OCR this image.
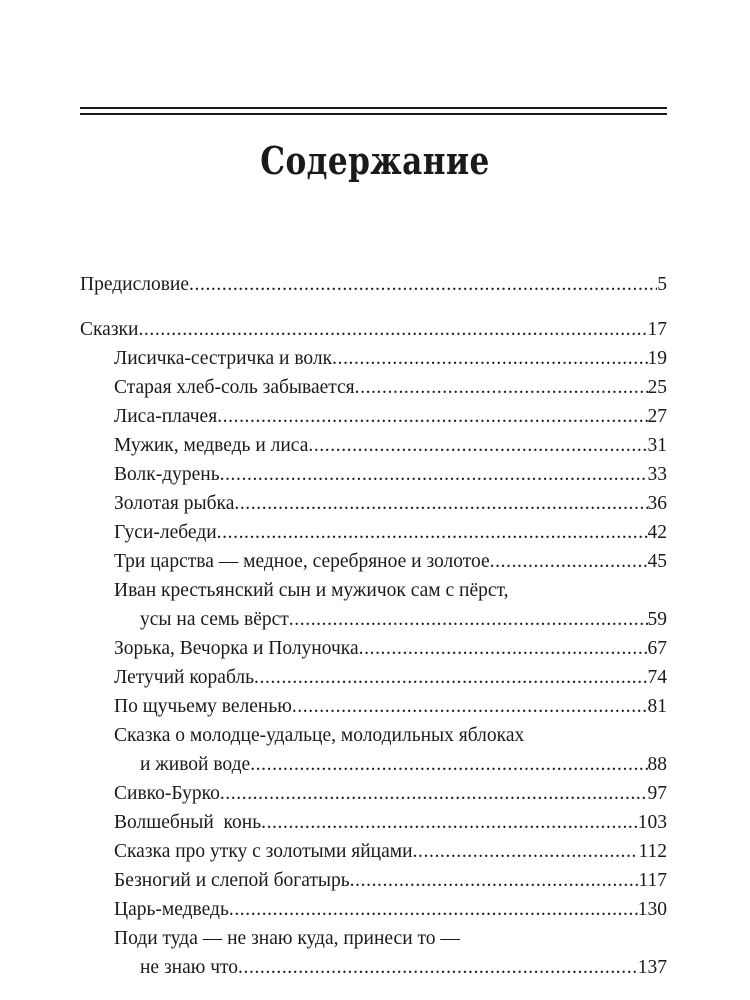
Содержание
Предисловие .....	5
Сказки .....	17
Лисичка-сестричка и волк .....	19
Старая хлеб-соль забывается .....	25
Лиса-плачея .....	27
Мужик, медведь и лиса .....	31
Волк-дурень .....	33
Золотая рыбка .....	36
Гуси-лебеди .....	42
Три царства — медное, серебряное и золотое .....	45
Иван крестьянский сын и мужичок сам с пёрст,
усы на семь вёрст .....	59
Зорька, Вечорка и Полуночка .....	67
Летучий корабль .....	74
По щучьему веленью .....	81
Сказка о молодце-удальце, молодильных яблоках
и живой воде .....	88
Сивко-Бурко .....	97
Волшебный  конь .....	103
Сказка про утку с золотыми яйцами .....	112
Безногий и слепой богатырь .....	117
Царь-медведь .....	130
Поди туда — не знаю куда, принеси то —
не знаю что .....	137
